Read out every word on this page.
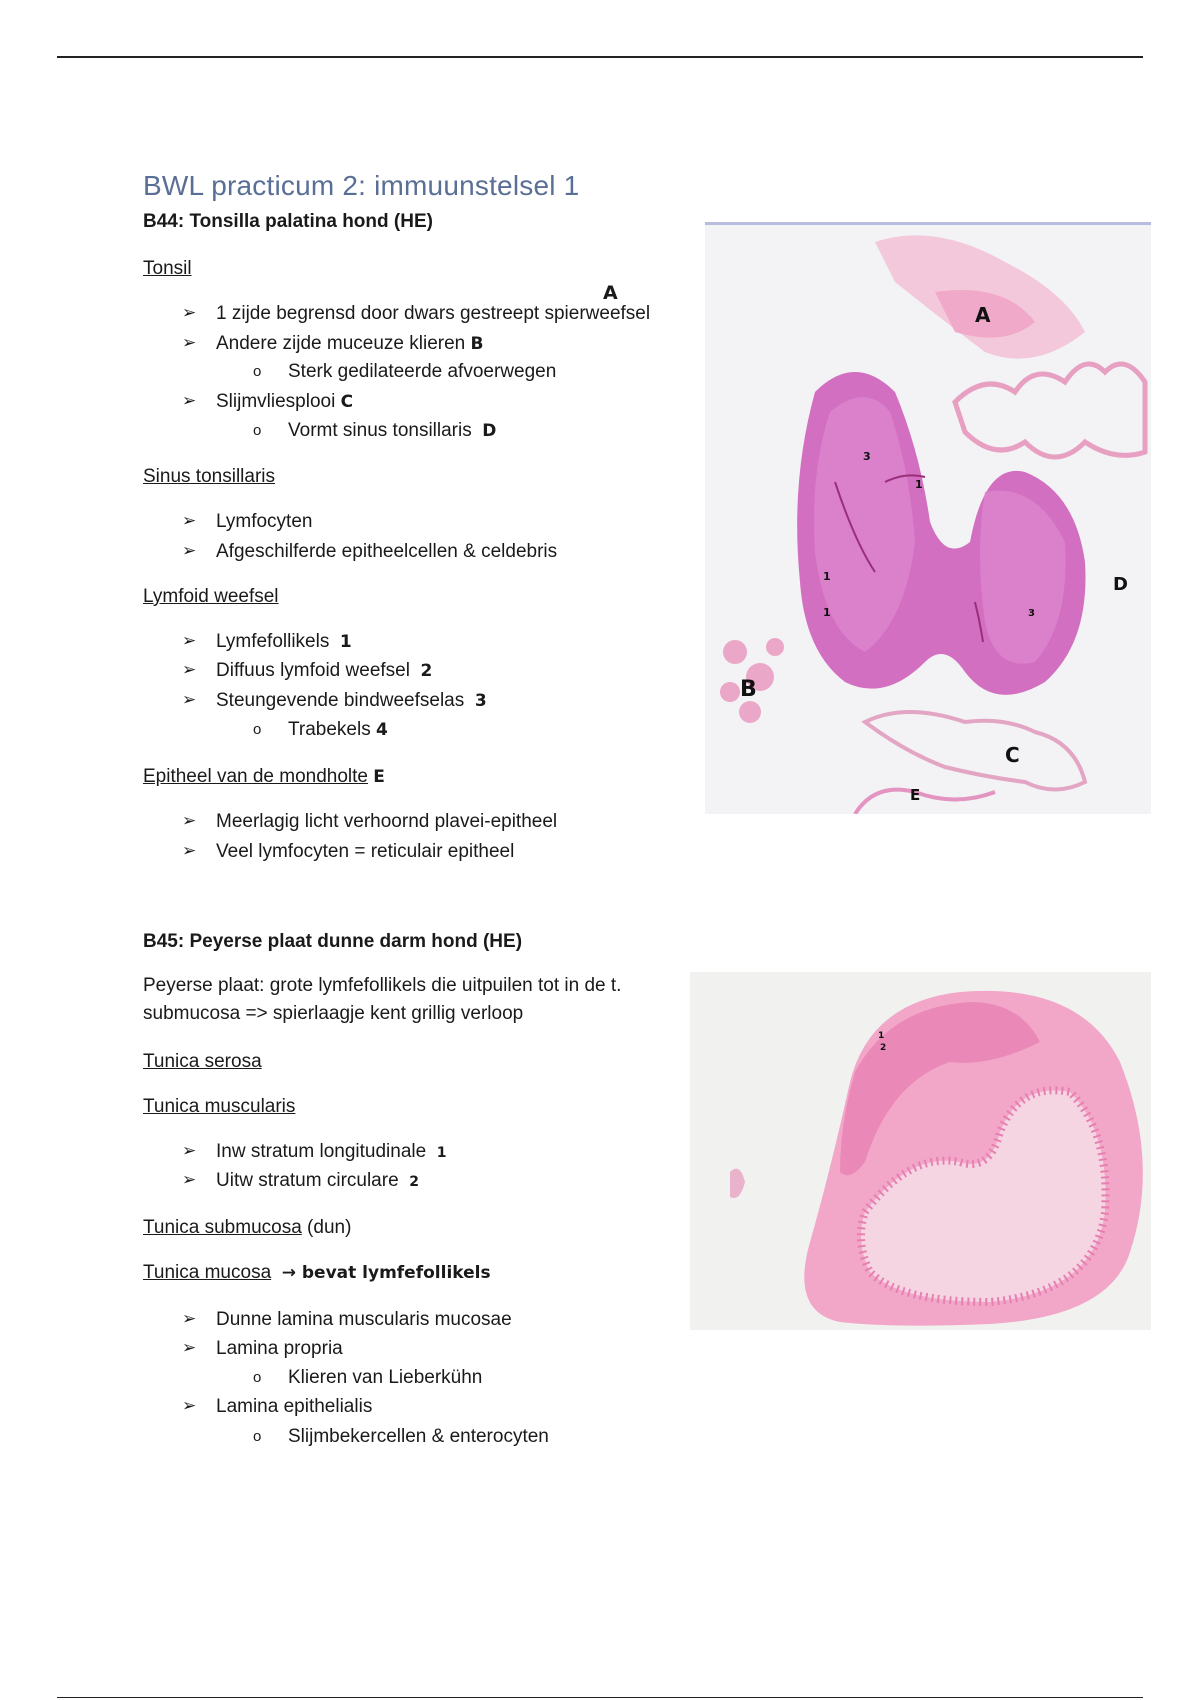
BWL practicum 2: immuunstelsel 1
B44: Tonsilla palatina hond (HE)
Tonsil
➢ 1 zijde begrensd door dwars gestreept spierweefsel
A
➢ Andere zijde muceuze klieren B
o Sterk gedilateerde afvoerwegen
➢ Slijmvliesplooi C
o Vormt sinus tonsillaris D
Sinus tonsillaris
➢ Lymfocyten
➢ Afgeschilferde epitheelcellen & celdebris
Lymfoid weefsel
➢ Lymfefollikels 1
➢ Diffuus lymfoid weefsel 2
➢ Steungevende bindweefselas 3
o Trabekels 4
Epitheel van de mondholte E
➢ Meerlagig licht verhoornd plavei-epitheel
➢ Veel lymfocyten = reticulair epitheel
A
B
C
D
E
1
1
1
3
3
4
B45: Peyerse plaat dunne darm hond (HE)
Peyerse plaat: grote lymfefollikels die uitpuilen tot in de t.
submucosa => spierlaagje kent grillig verloop
Tunica serosa
Tunica muscularis
➢ Inw stratum longitudinale 1
➢ Uitw stratum circulare 2
Tunica submucosa (dun)
Tunica mucosa → bevat lymfefollikels
➢ Dunne lamina muscularis mucosae
➢ Lamina propria
o Klieren van Lieberkühn
➢ Lamina epithelialis
o Slijmbekercellen & enterocyten
1
2
